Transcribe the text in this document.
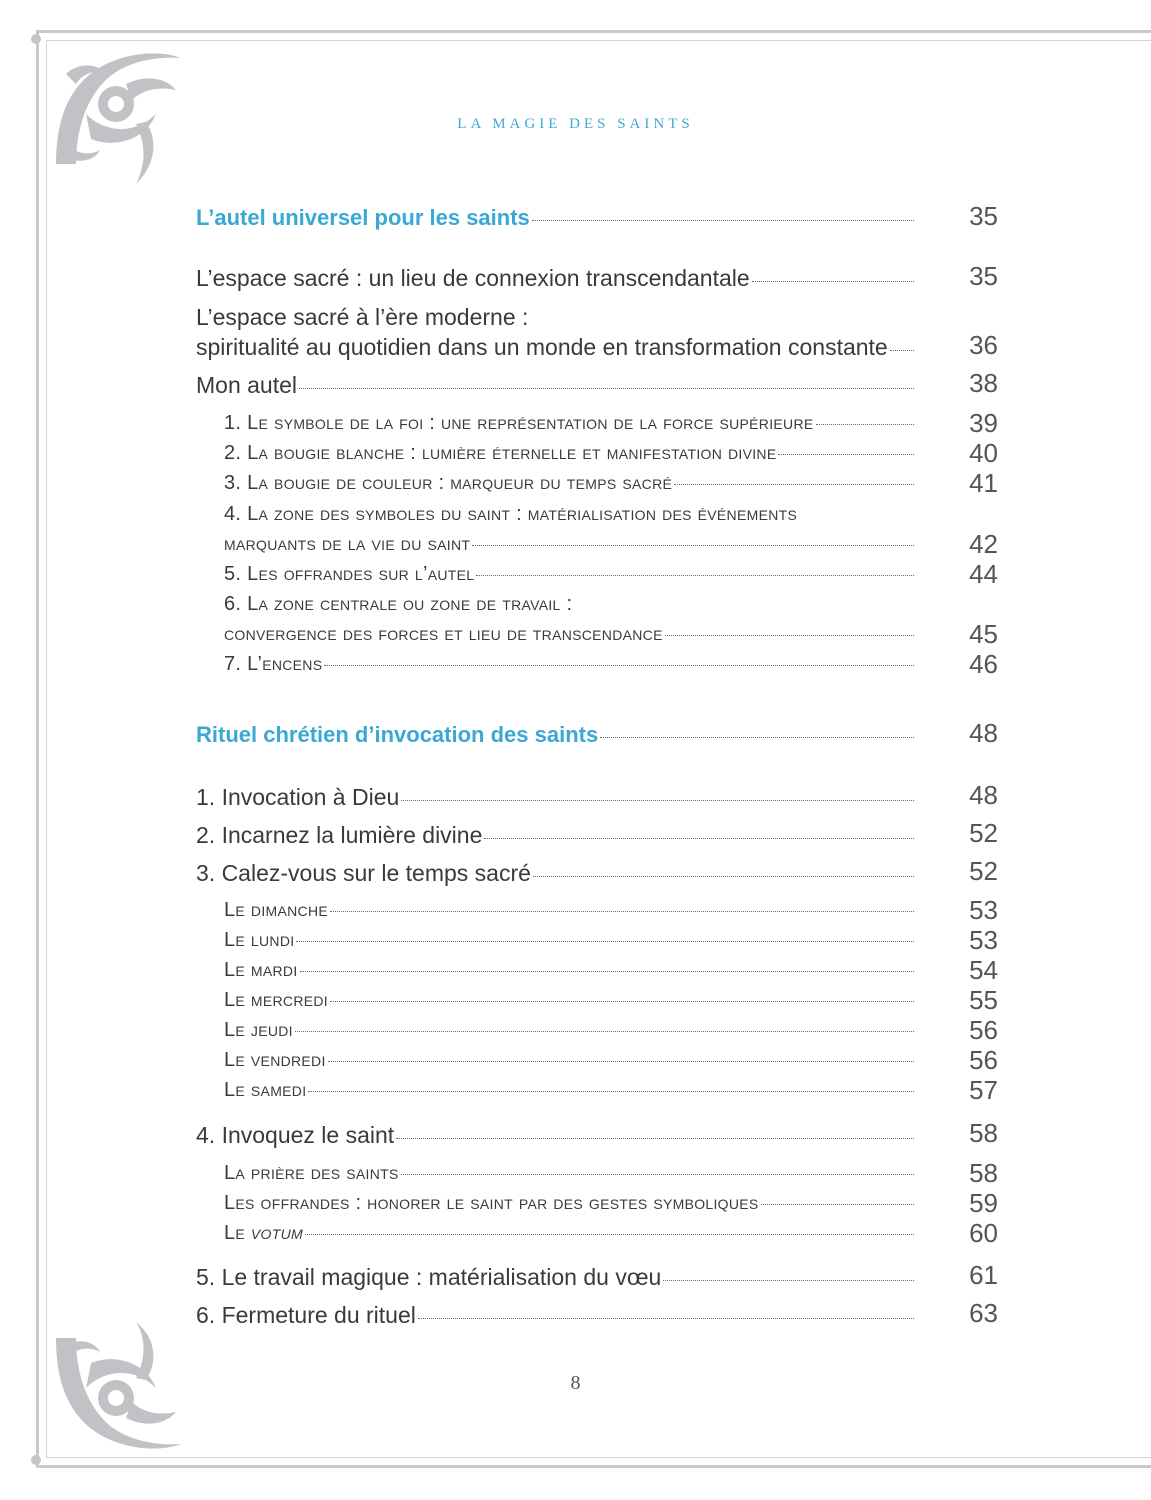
LA MAGIE DES SAINTS
L’autel universel pour les saints	35
L’espace sacré : un lieu de connexion transcendantale	35
L’espace sacré à l’ère moderne :
spiritualité au quotidien dans un monde en transformation constante	36
Mon autel	38
1. Le symbole de la foi : une représentation de la force supérieure	39
2. La bougie blanche : lumière éternelle et manifestation divine	40
3. La bougie de couleur : marqueur du temps sacré	41
4. La zone des symboles du saint : matérialisation des événements
marquants de la vie du saint	42
5. Les offrandes sur l’autel	44
6. La zone centrale ou zone de travail :
convergence des forces et lieu de transcendance	45
7. L’encens	46
Rituel chrétien d’invocation des saints	48
1. Invocation à Dieu	48
2. Incarnez la lumière divine	52
3. Calez-vous sur le temps sacré	52
Le dimanche	53
Le lundi	53
Le mardi	54
Le mercredi	55
Le jeudi	56
Le vendredi	56
Le samedi	57
4. Invoquez le saint	58
La prière des saints	58
Les offrandes : honorer le saint par des gestes symboliques	59
Le votum	60
5. Le travail magique : matérialisation du vœu	61
6. Fermeture du rituel	63
8
